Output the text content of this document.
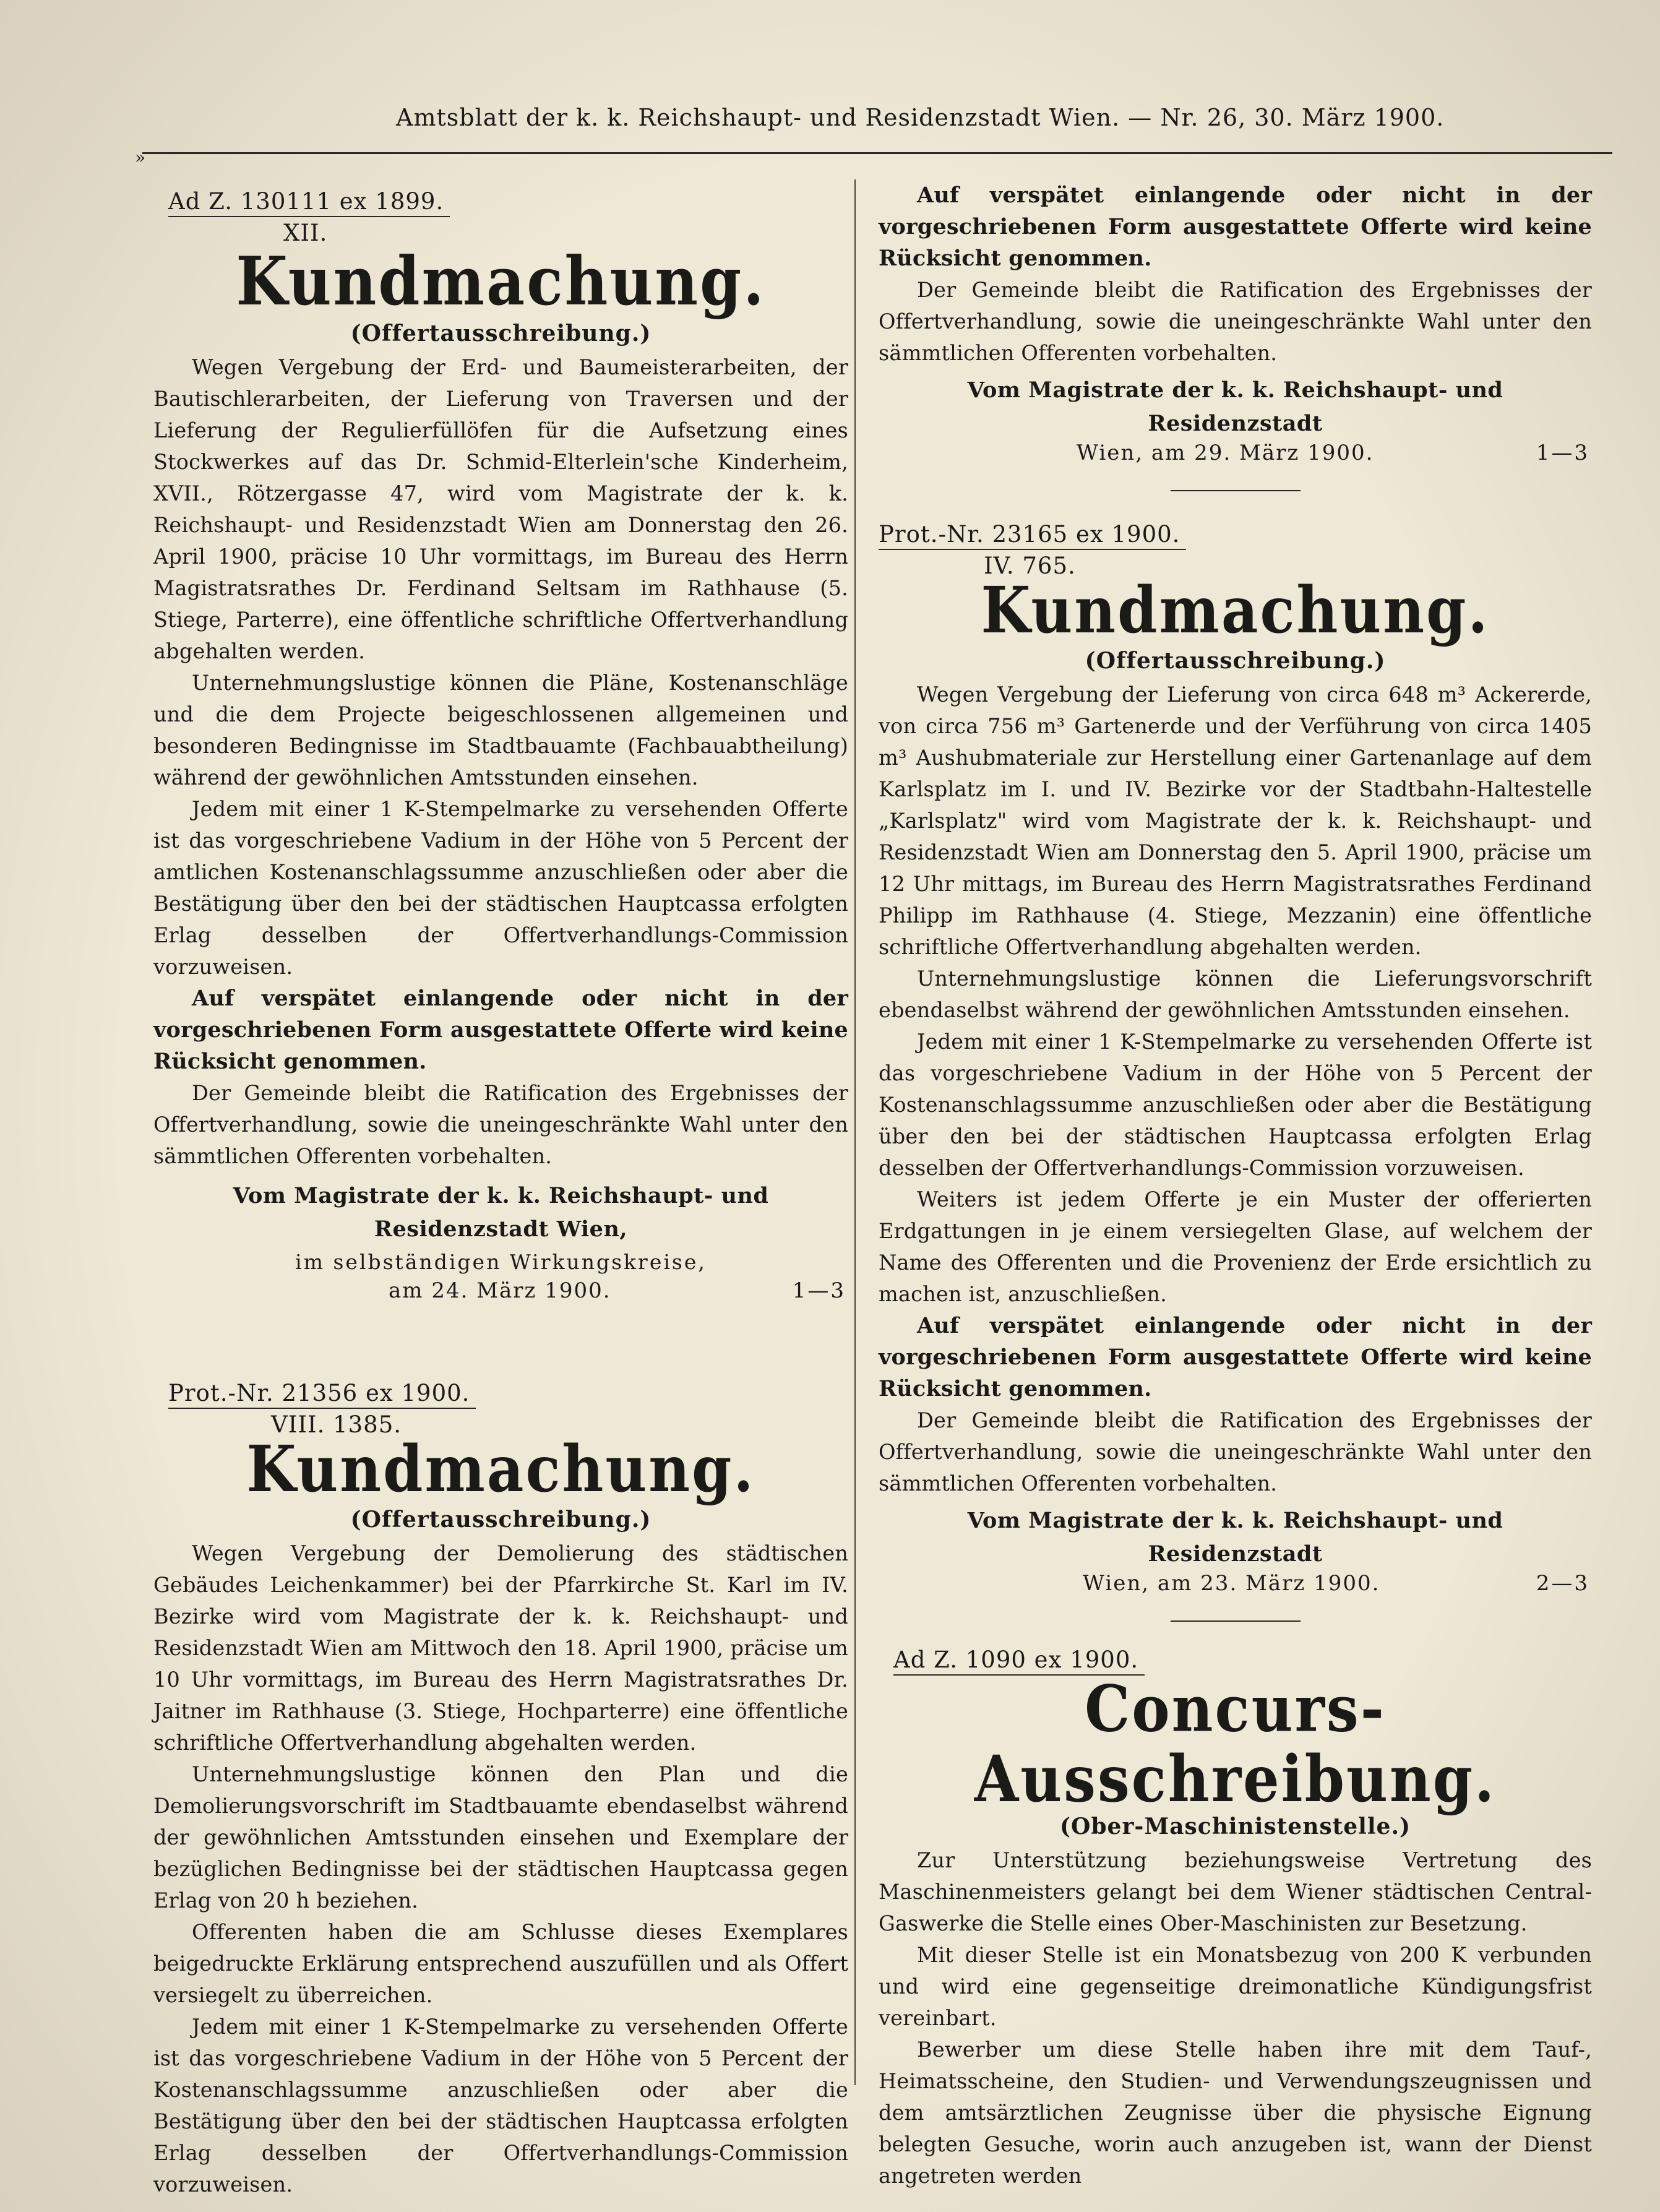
Amtsblatt der k. k. Reichshaupt- und Residenzstadt Wien. — Nr. 26, 30. März 1900.
»
Ad Z. 130111 ex 1899.
XII.
Kundmachung.
(Offertausschreibung.)

Wegen Vergebung der Erd- und Baumeisterarbeiten, der Bautischlerarbeiten, der Lieferung von Traversen und der Lieferung der Regulierfüllöfen für die Aufsetzung eines Stockwerkes auf das Dr. Schmid-Elterlein'sche Kinderheim, XVII., Rötzergasse 47, wird vom Magistrate der k. k. Reichshaupt- und Residenzstadt Wien am Donnerstag den 26. April 1900, präcise 10 Uhr vormittags, im Bureau des Herrn Magistratsrathes Dr. Ferdinand Seltsam im Rathhause (5. Stiege, Parterre), eine öffentliche schriftliche Offertverhandlung abgehalten werden.

Unternehmungslustige können die Pläne, Kostenanschläge und die dem Projecte beigeschlossenen allgemeinen und besonderen Bedingnisse im Stadtbauamte (Fachbauabtheilung) während der gewöhnlichen Amtsstunden einsehen.

Jedem mit einer 1 K-Stempelmarke zu versehenden Offerte ist das vorgeschriebene Vadium in der Höhe von 5 Percent der amtlichen Kostenanschlagssumme anzuschließen oder aber die Bestätigung über den bei der städtischen Hauptcassa erfolgten Erlag desselben der Offertverhandlungs-Commission vorzuweisen.

Auf verspätet einlangende oder nicht in der vorgeschriebenen Form ausgestattete Offerte wird keine Rücksicht genommen.

Der Gemeinde bleibt die Ratification des Ergebnisses der Offertverhandlung, sowie die uneingeschränkte Wahl unter den sämmtlichen Offerenten vorbehalten.

Vom Magistrate der k. k. Reichshaupt- und Residenzstadt Wien,
im selbständigen Wirkungskreise,
am 24. März 1900.	1—3
Prot.-Nr. 21356 ex 1900.
VIII. 1385.
Kundmachung.
(Offertausschreibung.)

Wegen Vergebung der Demolierung des städtischen Gebäudes Leichenkammer) bei der Pfarrkirche St. Karl im IV. Bezirke wird vom Magistrate der k. k. Reichshaupt- und Residenzstadt Wien am Mittwoch den 18. April 1900, präcise um 10 Uhr vormittags, im Bureau des Herrn Magistratsrathes Dr. Jaitner im Rathhause (3. Stiege, Hochparterre) eine öffentliche schriftliche Offertverhandlung abgehalten werden.

Unternehmungslustige können den Plan und die Demolierungsvorschrift im Stadtbauamte ebendaselbst während der gewöhnlichen Amtsstunden einsehen und Exemplare der bezüglichen Bedingnisse bei der städtischen Hauptcassa gegen Erlag von 20 h beziehen.

Offerenten haben die am Schlusse dieses Exemplares beigedruckte Erklärung entsprechend auszufüllen und als Offert versiegelt zu überreichen.

Jedem mit einer 1 K-Stempelmarke zu versehenden Offerte ist das vorgeschriebene Vadium in der Höhe von 5 Percent der Kostenanschlagssumme anzuschließen oder aber die Bestätigung über den bei der städtischen Hauptcassa erfolgten Erlag desselben der Offertverhandlungs-Commission vorzuweisen.

Auf verspätet einlangende oder nicht in der vorgeschriebenen Form ausgestattete Offerte wird keine Rücksicht genommen.

Der Gemeinde bleibt die Ratification des Ergebnisses der Offertverhandlung, sowie die uneingeschränkte Wahl unter den sämmtlichen Offerenten vorbehalten.

Vom Magistrate der k. k. Reichshaupt- und Residenzstadt
Wien, am 29. März 1900.	1—3
Prot.-Nr. 23165 ex 1900.
IV. 765.
Kundmachung.
(Offertausschreibung.)

Wegen Vergebung der Lieferung von circa 648 m³ Ackererde, von circa 756 m³ Gartenerde und der Verführung von circa 1405 m³ Aushubmateriale zur Herstellung einer Gartenanlage auf dem Karlsplatz im I. und IV. Bezirke vor der Stadtbahn-Haltestelle „Karlsplatz" wird vom Magistrate der k. k. Reichshaupt- und Residenzstadt Wien am Donnerstag den 5. April 1900, präcise um 12 Uhr mittags, im Bureau des Herrn Magistratsrathes Ferdinand Philipp im Rathhause (4. Stiege, Mezzanin) eine öffentliche schriftliche Offertverhandlung abgehalten werden.

Unternehmungslustige können die Lieferungsvorschrift ebendaselbst während der gewöhnlichen Amtsstunden einsehen.

Jedem mit einer 1 K-Stempelmarke zu versehenden Offerte ist das vorgeschriebene Vadium in der Höhe von 5 Percent der Kostenanschlagssumme anzuschließen oder aber die Bestätigung über den bei der städtischen Hauptcassa erfolgten Erlag desselben der Offertverhandlungs-Commission vorzuweisen.

Weiters ist jedem Offerte je ein Muster der offerierten Erdgattungen in je einem versiegelten Glase, auf welchem der Name des Offerenten und die Provenienz der Erde ersichtlich zu machen ist, anzuschließen.

Auf verspätet einlangende oder nicht in der vorgeschriebenen Form ausgestattete Offerte wird keine Rücksicht genommen.

Der Gemeinde bleibt die Ratification des Ergebnisses der Offertverhandlung, sowie die uneingeschränkte Wahl unter den sämmtlichen Offerenten vorbehalten.

Vom Magistrate der k. k. Reichshaupt- und Residenzstadt
Wien, am 23. März 1900.	2—3
Ad Z. 1090 ex 1900.
Concurs-Ausschreibung.
(Ober-Maschinistenstelle.)

Zur Unterstützung beziehungsweise Vertretung des Maschinenmeisters gelangt bei dem Wiener städtischen Central-Gaswerke die Stelle eines Ober-Maschinisten zur Besetzung.

Mit dieser Stelle ist ein Monatsbezug von 200 K verbunden und wird eine gegenseitige dreimonatliche Kündigungsfrist vereinbart.

Bewerber um diese Stelle haben ihre mit dem Tauf-, Heimatsscheine, den Studien- und Verwendungszeugnissen und dem amtsärztlichen Zeugnisse über die physische Eignung belegten Gesuche, worin auch anzugeben ist, wann der Dienst angetreten werden
